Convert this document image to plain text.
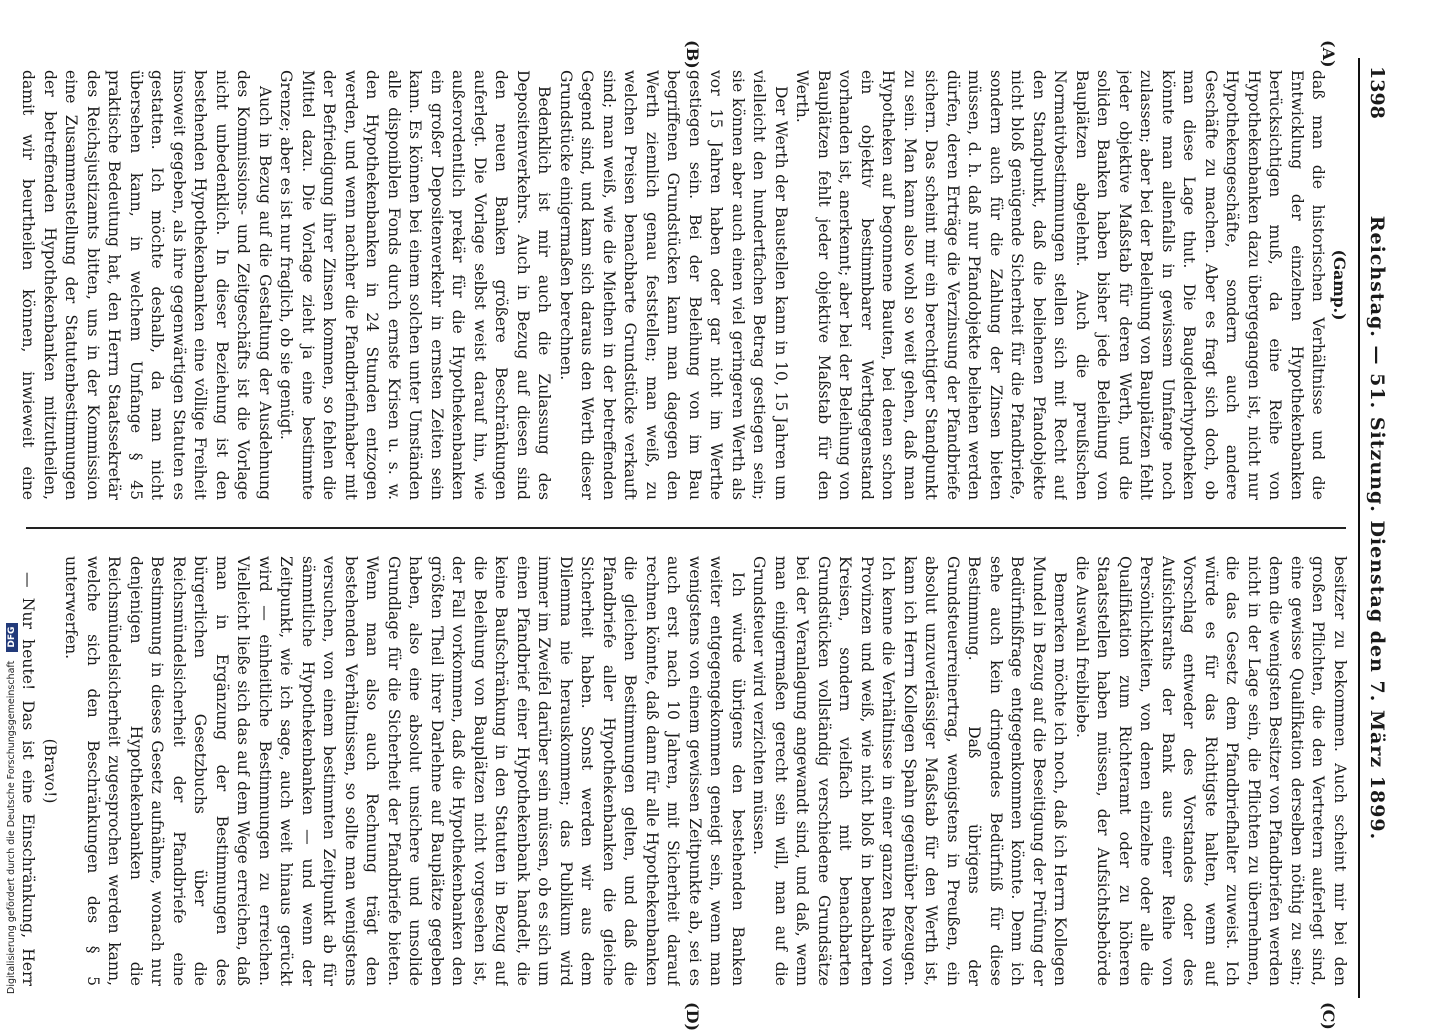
1398
Reichstag. — 51. Sitzung. Dienstag den 7. März 1899.
(A)
(B)
(C)
(D)

(Gamp.)

daß man die historischen Verhältnisse und die Entwicklung der einzelnen Hypothekenbanken berücksichtigen muß, da eine Reihe von Hypothekenbanken dazu übergegangen ist, nicht nur Hypothekengeschäfte, sondern auch andere Geschäfte zu machen. Aber es fragt sich doch, ob man diese Lage thut. Die Baugelderhypotheken könnte man allenfalls in gewissem Umfange noch zulassen; aber bei der Beleihung von Bauplätzen fehlt jeder objektive Maßstab für deren Werth, und die soliden Banken haben bisher jede Beleihung von Bauplätzen abgelehnt. Auch die preußischen Normativbestimmungen stellen sich mit Recht auf den Standpunkt, daß die beliehenen Pfandobjekte nicht bloß genügende Sicherheit für die Pfandbriefe, sondern auch für die Zahlung der Zinsen bieten müssen, d. h. daß nur Pfandobjekte beliehen werden dürfen, deren Erträge die Verzinsung der Pfandbriefe sichern. Das scheint mir ein berechtigter Standpunkt zu sein. Man kann also wohl so weit gehen, daß man Hypotheken auf begonnene Bauten, bei denen schon ein objektiv bestimmbarer Werthgegenstand vorhanden ist, anerkennt; aber bei der Beleihung von Bauplätzen fehlt jeder objektive Maßstab für den Werth.

Der Werth der Baustellen kann in 10, 15 Jahren um vielleicht den hundertfachen Betrag gestiegen sein; sie können aber auch einen viel geringeren Werth als vor 15 Jahren haben oder gar nicht im Werthe gestiegen sein. Bei der Beleihung von im Bau begriffenen Grundstücken kann man dagegen den Werth ziemlich genau feststellen; man weiß, zu welchen Preisen benachbarte Grundstücke verkauft sind; man weiß, wie die Miethen in der betreffenden Gegend sind, und kann sich daraus den Werth dieser Grundstücke einigermaßen berechnen.

Bedenklich ist mir auch die Zulassung des Depositenverkehrs. Auch in Bezug auf diesen sind den neuen Banken größere Beschränkungen auferlegt. Die Vorlage selbst weist darauf hin, wie außerordentlich prekär für die Hypothekenbanken ein großer Depositenverkehr in ernsten Zeiten sein kann. Es können bei einem solchen unter Umständen alle disponiblen Fonds durch ernste Krisen u. s. w. den Hypothekenbanken in 24 Stunden entzogen werden, und wenn nachher die Pfandbriefinhaber mit der Befriedigung ihrer Zinsen kommen, so fehlen die Mittel dazu. Die Vorlage zieht ja eine bestimmte Grenze; aber es ist nur fraglich, ob sie genügt.

Auch in Bezug auf die Gestaltung der Ausdehnung des Kommissions- und Zeitgeschäfts ist die Vorlage nicht unbedenklich. In dieser Beziehung ist den bestehenden Hypothekenbanken eine völlige Freiheit insoweit gegeben, als ihre gegenwärtigen Statuten es gestatten. Ich möchte deshalb, da man nicht übersehen kann, in welchem Umfange § 45 praktische Bedeutung hat, den Herrn Staatssekretär des Reichsjustizamts bitten, uns in der Kommission eine Zusammenstellung der Statutenbestimmungen der betreffenden Hypothekenbanken mitzutheilen, damit wir beurtheilen können, inwieweit eine

besitzer zu bekommen. Auch scheint mir bei den großen Pflichten, die den Vertretern auferlegt sind, eine gewisse Qualifikation derselben nöthig zu sein; denn die wenigsten Besitzer von Pfandbriefen werden nicht in der Lage sein, die Pflichten zu übernehmen, die das Gesetz dem Pfandbriefhalter zuweist. Ich würde es für das Richtigste halten, wenn auf Vorschlag entweder des Vorstandes oder des Aufsichtsraths der Bank aus einer Reihe von Persönlichkeiten, von denen einzelne oder alle die Qualifikation zum Richteramt oder zu höheren Staatsstellen haben müssen, der Aufsichtsbehörde die Auswahl freibliebe.

Bemerken möchte ich noch, daß ich Herrn Kollegen Mundel in Bezug auf die Beseitigung der Prüfung der Bedürfnißfrage entgegenkommen könnte. Denn ich sehe auch kein dringendes Bedürfniß für diese Bestimmung. Daß übrigens der Grundsteuerreinertrag, wenigstens in Preußen, ein absolut unzuverlässiger Maßstab für den Werth ist, kann ich Herrn Kollegen Spahn gegenüber bezeugen. Ich kenne die Verhältnisse in einer ganzen Reihe von Provinzen und weiß, wie nicht bloß in benachbarten Kreisen, sondern vielfach mit benachbarten Grundstücken vollständig verschiedene Grundsätze bei der Veranlagung angewandt sind, und daß, wenn man einigermaßen gerecht sein will, man auf die Grundsteuer wird verzichten müssen.

Ich würde übrigens den bestehenden Banken weiter entgegengekommen geneigt sein, wenn man wenigstens von einem gewissen Zeitpunkte ab, sei es auch erst nach 10 Jahren, mit Sicherheit darauf rechnen könnte, daß dann für alle Hypothekenbanken die gleichen Bestimmungen gelten, und daß die Pfandbriefe aller Hypothekenbanken die gleiche Sicherheit haben. Sonst werden wir aus dem Dilemma nie herauskommen; das Publikum wird immer im Zweifel darüber sein müssen, ob es sich um einen Pfandbrief einer Hypothekenbank handelt, die keine Baufschränkung in den Statuten in Bezug auf die Beleihung von Bauplätzen nicht vorgesehen ist, der Fall vorkommen, daß die Hypothekenbanken den größten Theil ihrer Darlehne auf Bauplätze gegeben haben, also eine absolut unsichere und unsolide Grundlage für die Sicherheit der Pfandbriefe bieten. Wenn man also auch Rechnung trägt den bestehenden Verhältnissen, so sollte man wenigstens versuchen, von einem bestimmten Zeitpunkt ab für sämmtliche Hypothekenbanken — und wenn der Zeitpunkt, wie ich sage, auch weit hinaus gerückt wird — einheitliche Bestimmungen zu erreichen. Vielleicht ließe sich das auf dem Wege erreichen, daß man in Ergänzung der Bestimmungen des bürgerlichen Gesetzbuchs über die Reichsmündelsicherheit der Pfandbriefe eine Bestimmung in dieses Gesetz aufnähme, wonach nur denjenigen Hypothekenbanken die Reichsmündelsicherheit zugesprochen werden kann, welche sich den Beschränkungen des § 5 unterwerfen.

(Bravo!)

— Nur heute! Das ist eine Einschränkung, Herr

Digitalisierung gefördert durch die Deutsche Forschungsgemeinschaft DFG
